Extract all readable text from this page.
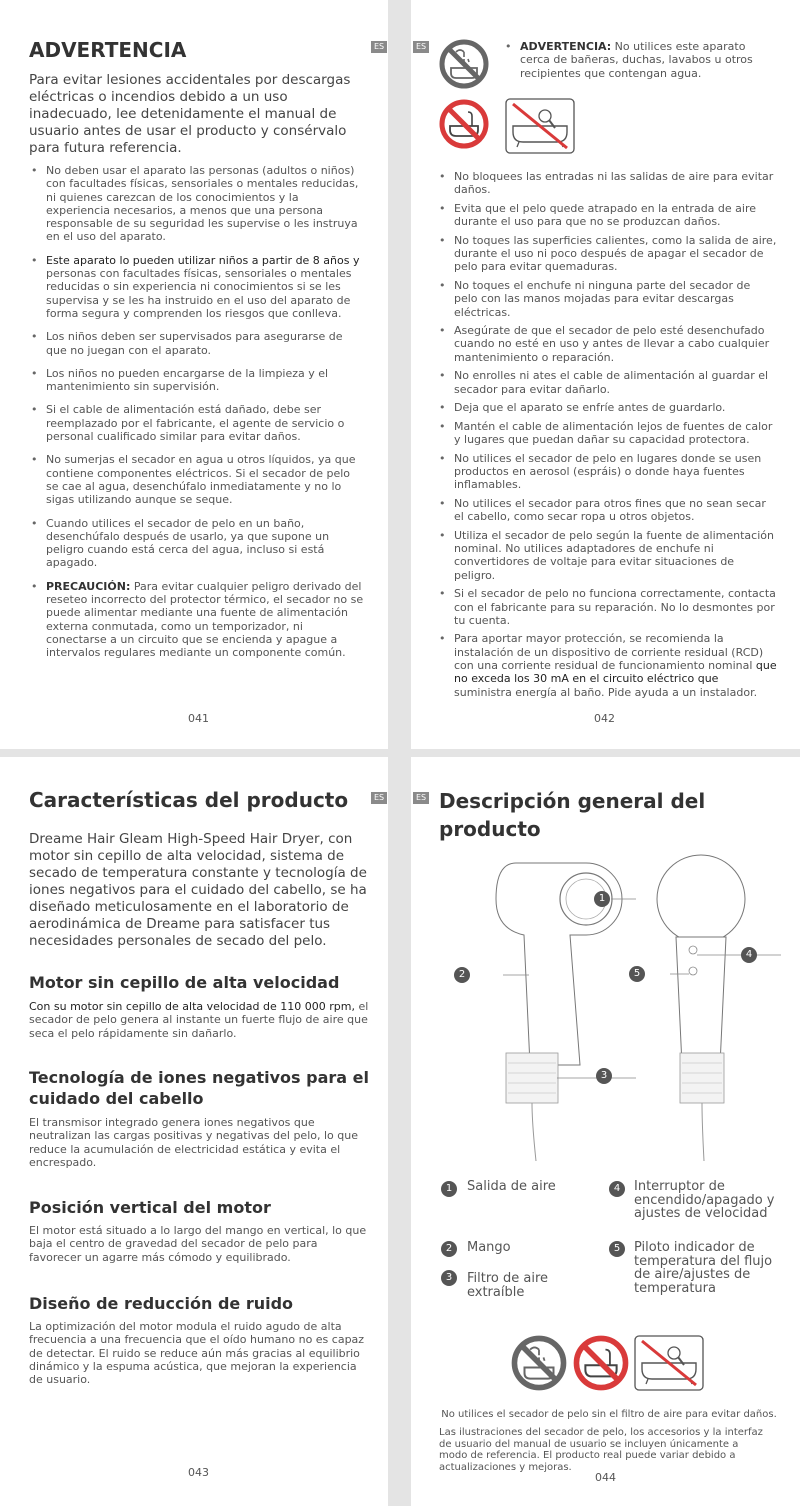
ES
ADVERTENCIA
Para evitar lesiones accidentales por descargas eléctricas o incendios debido a un uso inadecuado, lee detenidamente el manual de usuario antes de usar el producto y consérvalo para futura referencia.
• No deben usar el aparato las personas (adultos o niños) con facultades físicas, sensoriales o mentales reducidas, ni quienes carezcan de los conocimientos y la experiencia necesarios, a menos que una persona responsable de su seguridad les supervise o les instruya en el uso del aparato.
• Este aparato lo pueden utilizar niños a partir de 8 años y personas con facultades físicas, sensoriales o mentales reducidas o sin experiencia ni conocimientos si se les supervisa y se les ha instruido en el uso del aparato de forma segura y comprenden los riesgos que conlleva.
• Los niños deben ser supervisados para asegurarse de que no juegan con el aparato.
• Los niños no pueden encargarse de la limpieza y el mantenimiento sin supervisión.
• Si el cable de alimentación está dañado, debe ser reemplazado por el fabricante, el agente de servicio o personal cualificado similar para evitar daños.
• No sumerjas el secador en agua u otros líquidos, ya que contiene componentes eléctricos. Si el secador de pelo se cae al agua, desenchúfalo inmediatamente y no lo sigas utilizando aunque se seque.
• Cuando utilices el secador de pelo en un baño, desenchúfalo después de usarlo, ya que supone un peligro cuando está cerca del agua, incluso si está apagado.
• PRECAUCIÓN: Para evitar cualquier peligro derivado del reseteo incorrecto del protector térmico, el secador no se puede alimentar mediante una fuente de alimentación externa conmutada, como un temporizador, ni conectarse a un circuito que se encienda y apague a intervalos regulares mediante un componente común.
041
ES
•	ADVERTENCIA: No utilices este aparato cerca de bañeras, duchas, lavabos u otros recipientes que contengan agua.
• No bloquees las entradas ni las salidas de aire para evitar daños.
• Evita que el pelo quede atrapado en la entrada de aire durante el uso para que no se produzcan daños.
• No toques las superficies calientes, como la salida de aire, durante el uso ni poco después de apagar el secador de pelo para evitar quemaduras.
• No toques el enchufe ni ninguna parte del secador de pelo con las manos mojadas para evitar descargas eléctricas.
• Asegúrate de que el secador de pelo esté desenchufado cuando no esté en uso y antes de llevar a cabo cualquier mantenimiento o reparación.
• No enrolles ni ates el cable de alimentación al guardar el secador para evitar dañarlo.
• Deja que el aparato se enfríe antes de guardarlo.
• Mantén el cable de alimentación lejos de fuentes de calor y lugares que puedan dañar su capacidad protectora.
• No utilices el secador de pelo en lugares donde se usen productos en aerosol (espráis) o donde haya fuentes inflamables.
• No utilices el secador para otros fines que no sean secar el cabello, como secar ropa u otros objetos.
• Utiliza el secador de pelo según la fuente de alimentación nominal. No utilices adaptadores de enchufe ni convertidores de voltaje para evitar situaciones de peligro.
• Si el secador de pelo no funciona correctamente, contacta con el fabricante para su reparación. No lo desmontes por tu cuenta.
• Para aportar mayor protección, se recomienda la instalación de un dispositivo de corriente residual (RCD) con una corriente residual de funcionamiento nominal que no exceda los 30 mA en el circuito eléctrico que suministra energía al baño. Pide ayuda a un instalador.
042
ES
Características del producto
Dreame Hair Gleam High-Speed Hair Dryer, con motor sin cepillo de alta velocidad, sistema de secado de temperatura constante y tecnología de iones negativos para el cuidado del cabello, se ha diseñado meticulosamente en el laboratorio de aerodinámica de Dreame para satisfacer tus necesidades personales de secado del pelo.
Motor sin cepillo de alta velocidad
Con su motor sin cepillo de alta velocidad de 110 000 rpm, el secador de pelo genera al instante un fuerte flujo de aire que seca el pelo rápidamente sin dañarlo.
Tecnología de iones negativos para el cuidado del cabello
El transmisor integrado genera iones negativos que neutralizan las cargas positivas y negativas del pelo, lo que reduce la acumulación de electricidad estática y evita el encrespado.
Posición vertical del motor
El motor está situado a lo largo del mango en vertical, lo que baja el centro de gravedad del secador de pelo para favorecer un agarre más cómodo y equilibrado.
Diseño de reducción de ruido
La optimización del motor modula el ruido agudo de alta frecuencia a una frecuencia que el oído humano no es capaz de detectar. El ruido se reduce aún más gracias al equilibrio dinámico y la espuma acústica, que mejoran la experiencia de usuario.
043
ES Descripción general del producto
1
2
3
4
5
1	Salida de aire
2	Mango
3	Filtro de aire extraíble
4	Interruptor de encendido/apagado y ajustes de velocidad
5	Piloto indicador de temperatura del flujo de aire/ajustes de temperatura
No utilices el secador de pelo sin el filtro de aire para evitar daños.
Las ilustraciones del secador de pelo, los accesorios y la interfaz de usuario del manual de usuario se incluyen únicamente a modo de referencia. El producto real puede variar debido a actualizaciones y mejoras.
044
